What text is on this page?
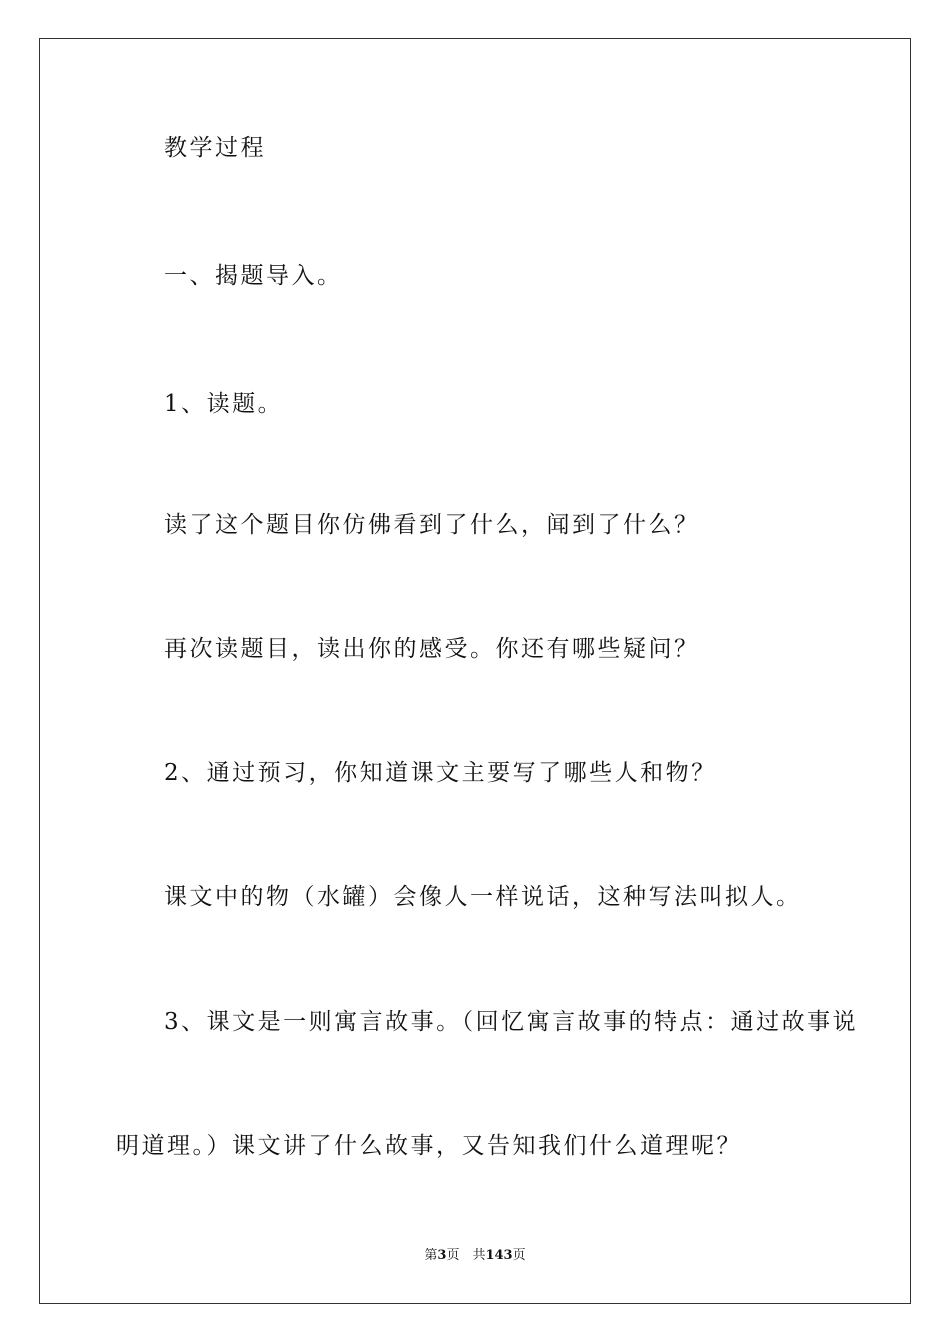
教学过程
一、揭题导入。
1、读题。
读了这个题目你仿佛看到了什么，闻到了什么？
再次读题目，读出你的感受。你还有哪些疑问？
2、通过预习，你知道课文主要写了哪些人和物？
课文中的物（水罐）会像人一样说话，这种写法叫拟人。
3、课文是一则寓言故事。（回忆寓言故事的特点：通过故事说
明道理。）课文讲了什么故事，又告知我们什么道理呢？
第3页  共143页
